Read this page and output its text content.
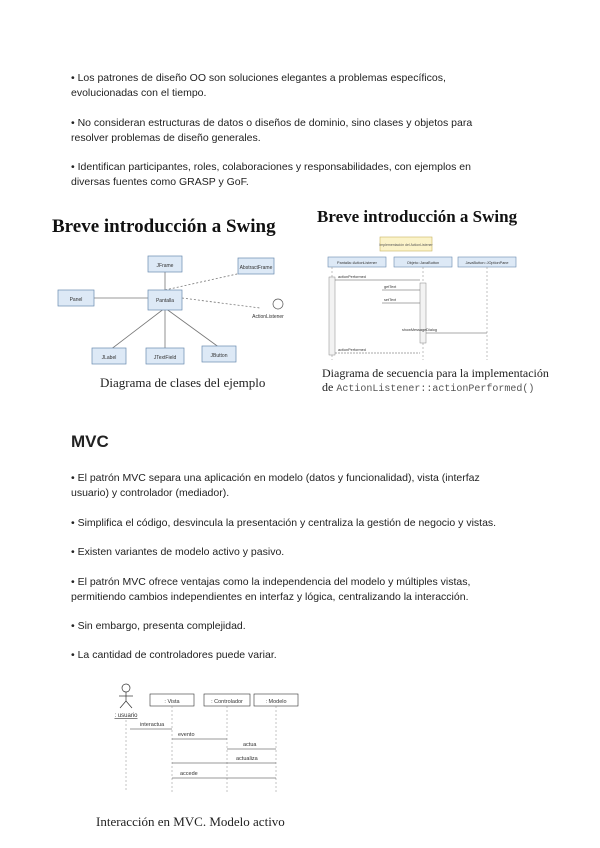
• Los patrones de diseño OO son soluciones elegantes a problemas específicos, evolucionadas con el tiempo.
• No consideran estructuras de datos o diseños de dominio, sino clases y objetos para resolver problemas de diseño generales.
• Identifican participantes, roles, colaboraciones y responsabilidades, con ejemplos en diversas fuentes como GRASP y GoF.
Breve introducción a Swing
JFrame	AbstractFrame
Panel	Pantalla
ActionListener
JLabel	JTextField	JButton
Diagrama de clases del ejemplo
Breve introducción a Swing
Implementación del ActionListener
Pantalla::ActionListener	Objeto::JavaButton	JavaButton::JOptionPane
actionPerformed
getText
setText
showMessageDialog
actionPerformed
Diagrama de secuencia para la implementación
de ActionListener::actionPerformed()
MVC
• El patrón MVC separa una aplicación en modelo (datos y funcionalidad), vista (interfaz usuario) y controlador (mediador).
• Simplifica el código, desvincula la presentación y centraliza la gestión de negocio y vistas.
• Existen variantes de modelo activo y pasivo.
• El patrón MVC ofrece ventajas como la independencia del modelo y múltiples vistas, permitiendo cambios independientes en interfaz y lógica, centralizando la interacción.
• Sin embargo, presenta complejidad.
• La cantidad de controladores puede variar.
: usuario
: Vista	: Controlador	: Modelo
interactua
evento
actua
actualiza
accede
Interacción en MVC. Modelo activo
